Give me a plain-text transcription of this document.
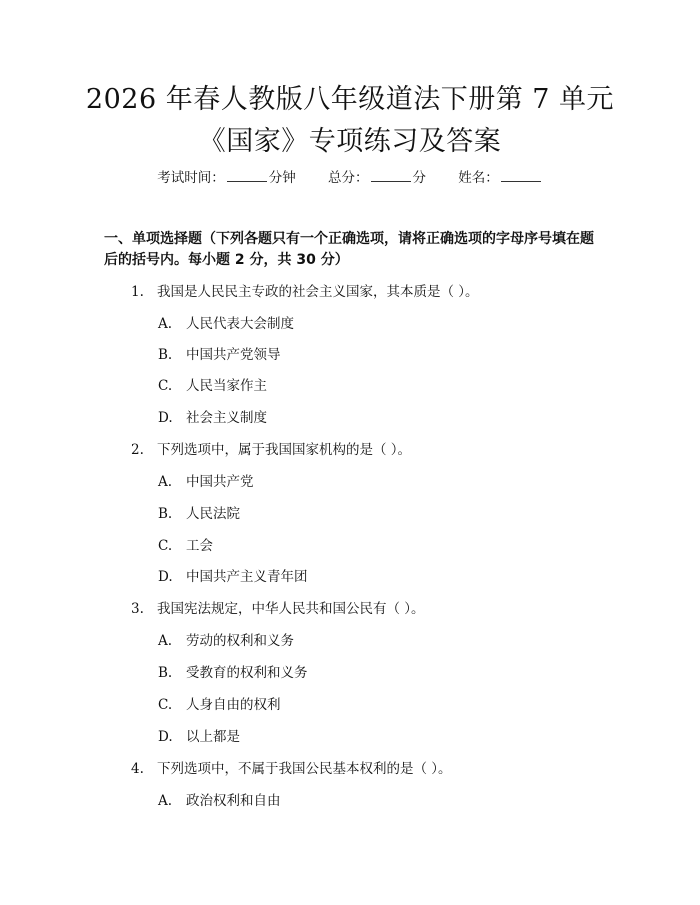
2026 年春人教版八年级道法下册第 7 单元
《国家》专项练习及答案
考试时间：	分钟 总分：	分 姓名：
一、单项选择题（下列各题只有一个正确选项，请将正确选项的字母序号填在题后的括号内。每小题 2 分，共 30 分）
1. 我国是人民民主专政的社会主义国家，其本质是（ ）。
A. 人民代表大会制度
B. 中国共产党领导
C. 人民当家作主
D. 社会主义制度
2. 下列选项中，属于我国国家机构的是（ ）。
A. 中国共产党
B. 人民法院
C. 工会
D. 中国共产主义青年团
3. 我国宪法规定，中华人民共和国公民有（ ）。
A. 劳动的权利和义务
B. 受教育的权利和义务
C. 人身自由的权利
D. 以上都是
4. 下列选项中，不属于我国公民基本权利的是（ ）。
A. 政治权利和自由
